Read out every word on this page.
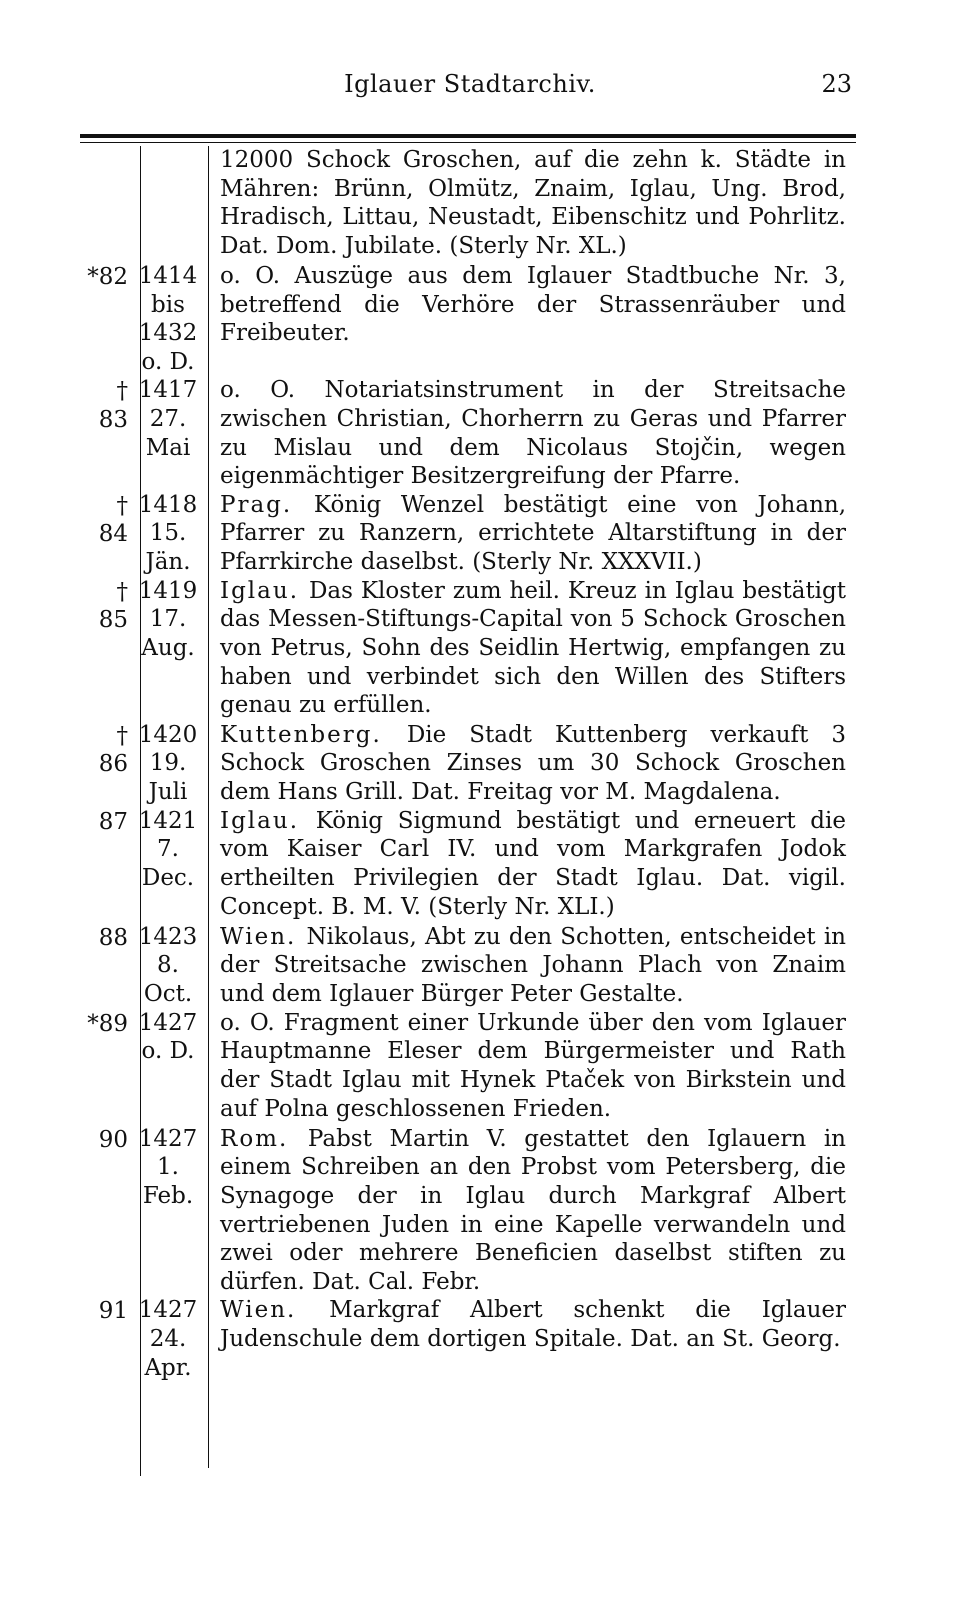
Iglauer Stadtarchiv.	23

12000 Schock Groschen, auf die zehn k. Städte in Mähren: Brünn, Olmütz, Znaim, Iglau, Ung. Brod, Hradisch, Littau, Neustadt, Eibenschitz und Pohrlitz. Dat. Dom. Jubilate. (Sterly Nr. XL.)

*82 1414
bis
1432
o. D.

o. O. Auszüge aus dem Iglauer Stadtbuche Nr. 3, betreffend die Verhöre der Strassenräuber und Freibeuter.

† 83
1417
27.
Mai

o. O. Notariatsinstrument in der Streitsache zwischen Christian, Chorherrn zu Geras und Pfarrer zu Mislau und dem Nicolaus Stojčin, wegen eigenmächtiger Besitzergreifung der Pfarre.

† 84
1418
15.
Jän.

Prag. König Wenzel bestätigt eine von Johann, Pfarrer zu Ranzern, errichtete Altarstiftung in der Pfarrkirche daselbst. (Sterly Nr. XXXVII.)

† 85
1419
17.
Aug.

Iglau. Das Kloster zum heil. Kreuz in Iglau bestätigt das Messen-Stiftungs-Capital von 5 Schock Groschen von Petrus, Sohn des Seidlin Hertwig, empfangen zu haben und verbindet sich den Willen des Stifters genau zu erfüllen.

† 86
1420
19.
Juli

Kuttenberg. Die Stadt Kuttenberg verkauft 3 Schock Groschen Zinses um 30 Schock Groschen dem Hans Grill. Dat. Freitag vor M. Magdalena.

87 1421
7.
Dec.

Iglau. König Sigmund bestätigt und erneuert die vom Kaiser Carl IV. und vom Markgrafen Jodok ertheilten Privilegien der Stadt Iglau. Dat. vigil. Concept. B. M. V. (Sterly Nr. XLI.)

88 1423
8.
Oct.

Wien. Nikolaus, Abt zu den Schotten, entscheidet in der Streitsache zwischen Johann Plach von Znaim und dem Iglauer Bürger Peter Gestalte.

*89 1427
o. D.

o. O. Fragment einer Urkunde über den vom Iglauer Hauptmanne Eleser dem Bürgermeister und Rath der Stadt Iglau mit Hynek Ptaček von Birkstein und auf Polna geschlossenen Frieden.

90 1427
1.
Feb.

Rom. Pabst Martin V. gestattet den Iglauern in einem Schreiben an den Probst vom Petersberg, die Synagoge der in Iglau durch Markgraf Albert vertriebenen Juden in eine Kapelle verwandeln und zwei oder mehrere Beneficien daselbst stiften zu dürfen. Dat. Cal. Febr.

91 1427
24.
Apr.

Wien. Markgraf Albert schenkt die Iglauer Judenschule dem dortigen Spitale. Dat. an St. Georg.
